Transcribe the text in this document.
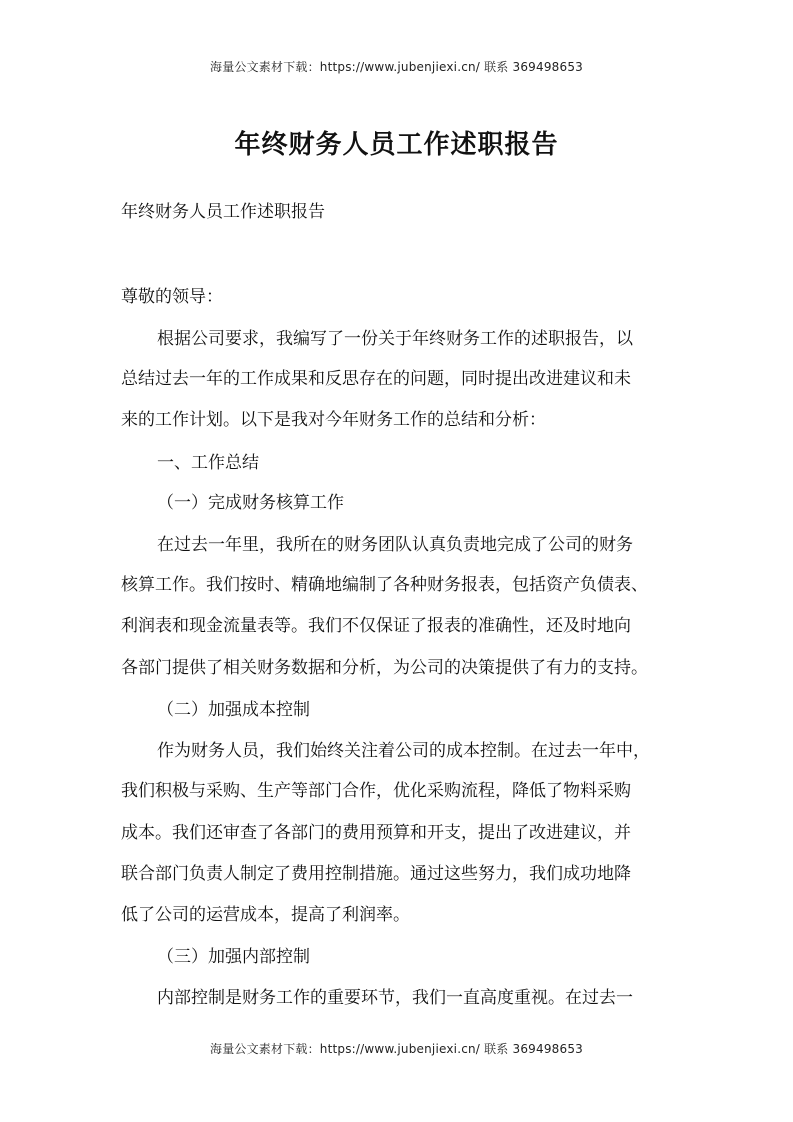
海量公文素材下载：https://www.jubenjiexi.cn/ 联系 369498653
年终财务人员工作述职报告
年终财务人员工作述职报告
尊敬的领导：
根据公司要求，我编写了一份关于年终财务工作的述职报告，以
总结过去一年的工作成果和反思存在的问题，同时提出改进建议和未
来的工作计划。以下是我对今年财务工作的总结和分析：
一、工作总结
（一）完成财务核算工作
在过去一年里，我所在的财务团队认真负责地完成了公司的财务
核算工作。我们按时、精确地编制了各种财务报表，包括资产负债表、
利润表和现金流量表等。我们不仅保证了报表的准确性，还及时地向
各部门提供了相关财务数据和分析，为公司的决策提供了有力的支持。
（二）加强成本控制
作为财务人员，我们始终关注着公司的成本控制。在过去一年中，
我们积极与采购、生产等部门合作，优化采购流程，降低了物料采购
成本。我们还审查了各部门的费用预算和开支，提出了改进建议，并
联合部门负责人制定了费用控制措施。通过这些努力，我们成功地降
低了公司的运营成本，提高了利润率。
（三）加强内部控制
内部控制是财务工作的重要环节，我们一直高度重视。在过去一
海量公文素材下载：https://www.jubenjiexi.cn/ 联系 369498653
